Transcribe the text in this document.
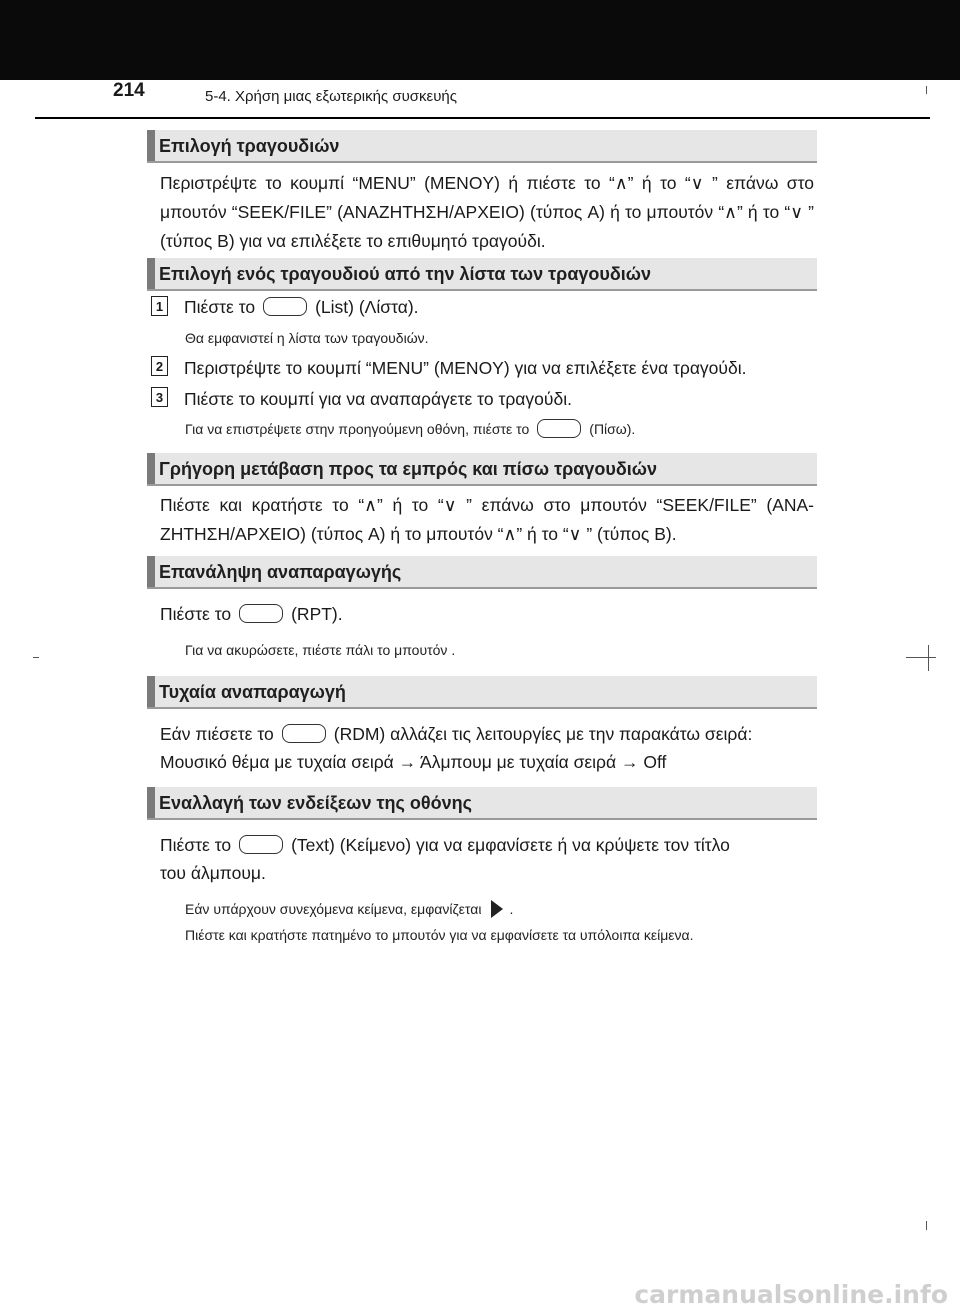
214	5-4. Χρήση μιας εξωτερικής συσκευής
Επιλογή τραγουδιών

Περιστρέψτε το κουμπί “MENU” (MENOY) ή πιέστε το “∧” ή το “∨ ” επάνω στο μπουτόν “SEEK/FILE” (ANAZHTHΣH/APXEIO) (τύπος A) ή το μπουτόν “∧” ή το “∨ ” (τύπος B) για να επιλέξετε το επιθυμητό τραγούδι.

Επιλογή ενός τραγουδιού από την λίστα των τραγουδιών
1 Πιέστε το	(List) (Λίστα).
Θα εμφανιστεί η λίστα των τραγουδιών.
2 Περιστρέψτε το κουμπί “MENU” (MENOY) για να επιλέξετε ένα τραγούδι.
3 Πιέστε το κουμπί για να αναπαράγετε το τραγούδι.
Για να επιστρέψετε στην προηγούμενη οθόνη, πιέστε το	(Πίσω).
Γρήγορη μετάβαση προς τα εμπρός και πίσω τραγουδιών

Πιέστε και κρατήστε το “∧” ή το “∨ ” επάνω στο μπουτόν “SEEK/FILE” (ANA-ZHTHΣH/APXEIO) (τύπος A) ή το μπουτόν “∧” ή το “∨ ” (τύπος B).

Επανάληψη αναπαραγωγής
Πιέστε το	(RPT).
Για να ακυρώσετε, πιέστε πάλι το μπουτόν .
Τυχαία αναπαραγωγή
Εάν πιέσετε το	(RDM) αλλάζει τις λειτουργίες με την παρακάτω σειρά:
Μουσικό θέμα με τυχαία σειρά → Άλμπουμ με τυχαία σειρά → Off
Εναλλαγή των ενδείξεων της οθόνης
Πιέστε το	(Text) (Κείμενο) για να εμφανίσετε ή να κρύψετε τον τίτλο
του άλμπουμ.
Εάν υπάρχουν συνεχόμενα κείμενα, εμφανίζεται .
Πιέστε και κρατήστε πατημένο το μπουτόν για να εμφανίσετε τα υπόλοιπα κείμενα.
carmanualsonline.info
